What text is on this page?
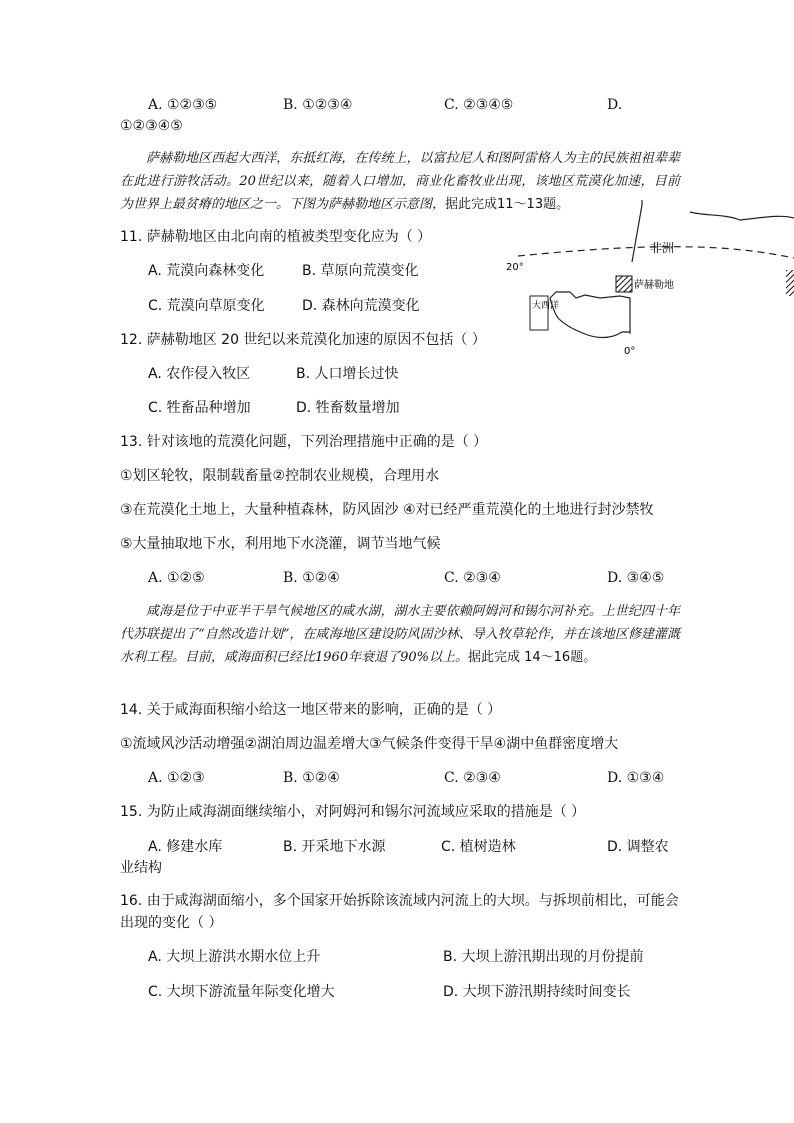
A. ①②③⑤	B. ①②③④	C. ②③④⑤	D.
①②③④⑤
萨赫勒地区西起大西洋，东抵红海，在传统上，以富拉尼人和图阿雷格人为主的民族祖祖辈辈在此进行游牧活动。20世纪以来，随着人口增加，商业化畜牧业出现，该地区荒漠化加速，目前为世界上最贫瘠的地区之一。下图为萨赫勒地区示意图，据此完成11～13题。
非洲
20°
萨赫勒地
大西洋
0°
11. 萨赫勒地区由北向南的植被类型变化应为（ ）
A. 荒漠向森林变化	B. 草原向荒漠变化
C. 荒漠向草原变化	D. 森林向荒漠变化
12. 萨赫勒地区 20 世纪以来荒漠化加速的原因不包括（ ）
A. 农作侵入牧区	B. 人口增长过快
C. 牲畜品种增加	D. 牲畜数量增加
13. 针对该地的荒漠化问题，下列治理措施中正确的是（ ）
①划区轮牧，限制载畜量②控制农业规模，合理用水
③在荒漠化土地上，大量种植森林，防风固沙 ④对已经严重荒漠化的土地进行封沙禁牧
⑤大量抽取地下水，利用地下水浇灌，调节当地气候
A. ①②⑤	B. ①②④	C. ②③④	D. ③④⑤
咸海是位于中亚半干旱气候地区的咸水湖，湖水主要依赖阿姆河和锡尔河补充。上世纪四十年代苏联提出了“自然改造计划”，在咸海地区建设防风固沙林、导入牧草轮作，并在该地区修建灌溉水利工程。目前，咸海面积已经比1960年衰退了90%以上。据此完成 14～16题。
14. 关于咸海面积缩小给这一地区带来的影响，正确的是（ ）
①流域风沙活动增强②湖泊周边温差增大③气候条件变得干旱④湖中鱼群密度增大
A. ①②③	B. ①②④	C. ②③④	D. ①③④
15. 为防止咸海湖面继续缩小，对阿姆河和锡尔河流域应采取的措施是（ ）
A. 修建水库	B. 开采地下水源	C. 植树造林	D. 调整农
业结构
16. 由于咸海湖面缩小，多个国家开始拆除该流域内河流上的大坝。与拆坝前相比，可能会
出现的变化（ ）
A. 大坝上游洪水期水位上升	B. 大坝上游汛期出现的月份提前
C. 大坝下游流量年际变化增大	D. 大坝下游汛期持续时间变长
